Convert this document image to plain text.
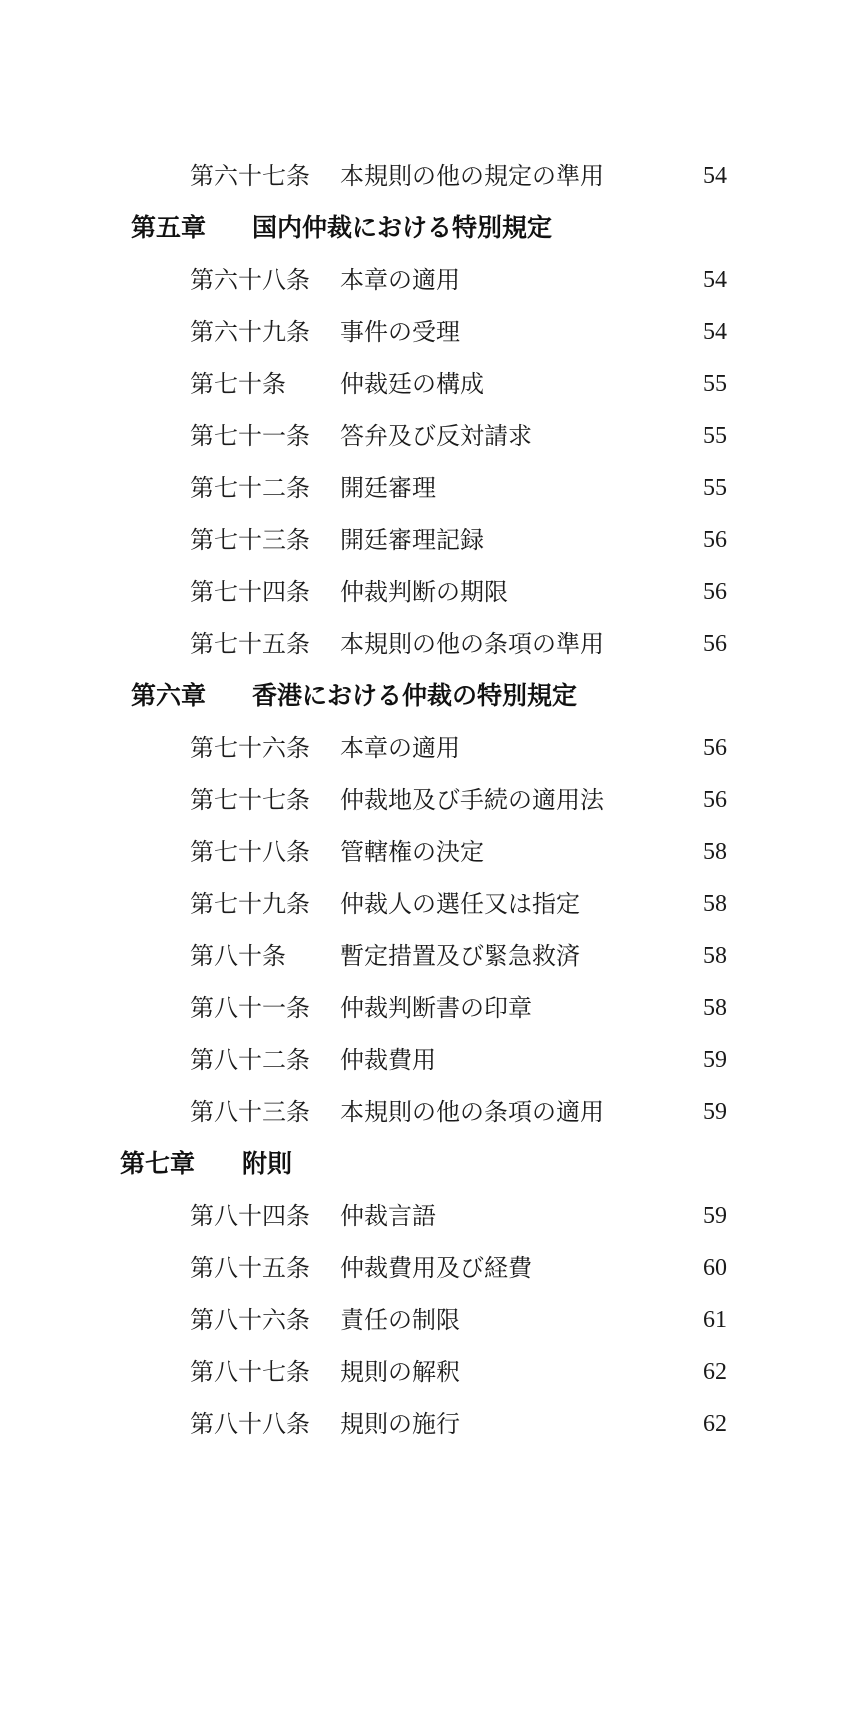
第六十七条 本規則の他の規定の準用	54
第五章 国内仲裁における特別規定
第六十八条 本章の適用	54
第六十九条 事件の受理	54
第七十条 仲裁廷の構成	55
第七十一条 答弁及び反対請求	55
第七十二条 開廷審理	55
第七十三条 開廷審理記録	56
第七十四条 仲裁判断の期限	56
第七十五条 本規則の他の条項の準用	56
第六章 香港における仲裁の特別規定
第七十六条 本章の適用	56
第七十七条 仲裁地及び手続の適用法	56
第七十八条 管轄権の決定	58
第七十九条 仲裁人の選任又は指定	58
第八十条 暫定措置及び緊急救済	58
第八十一条 仲裁判断書の印章	58
第八十二条 仲裁費用	59
第八十三条 本規則の他の条項の適用	59
第七章 附則
第八十四条 仲裁言語	59
第八十五条 仲裁費用及び経費	60
第八十六条 責任の制限	61
第八十七条 規則の解釈	62
第八十八条 規則の施行	62
